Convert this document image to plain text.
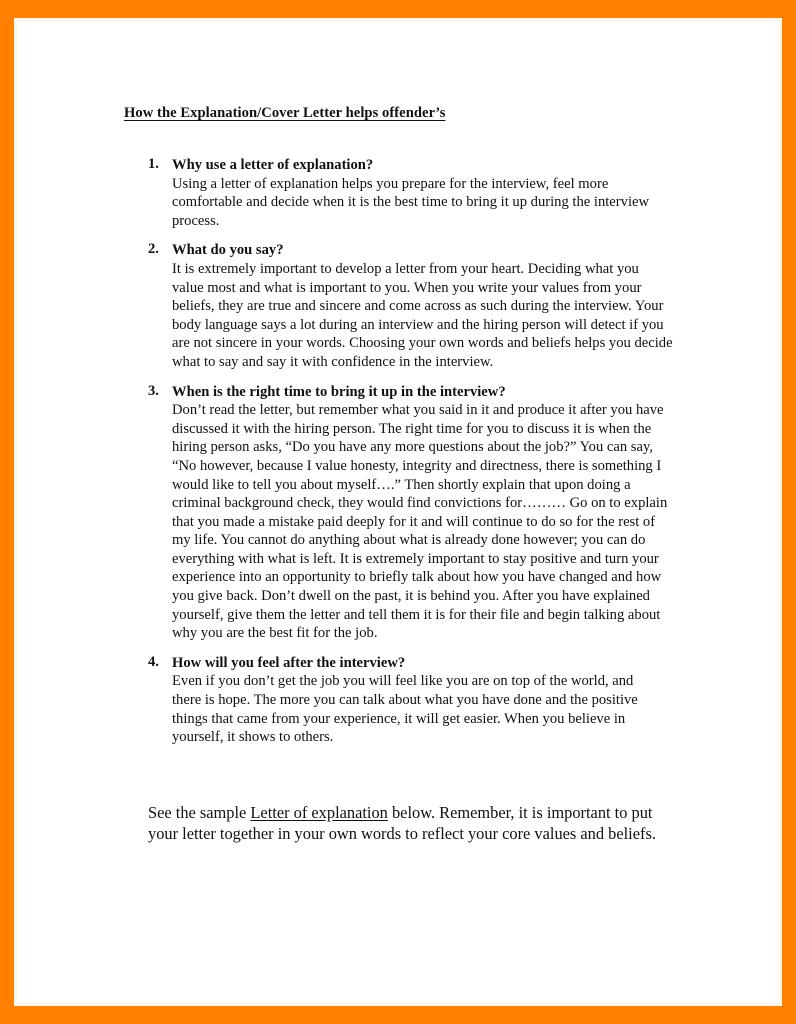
How the Explanation/Cover Letter helps offender’s
1. Why use a letter of explanation?
Using a letter of explanation helps you prepare for the interview, feel more comfortable and decide when it is the best time to bring it up during the interview process.
2. What do you say?
It is extremely important to develop a letter from your heart. Deciding what you value most and what is important to you. When you write your values from your beliefs, they are true and sincere and come across as such during the interview. Your body language says a lot during an interview and the hiring person will detect if you are not sincere in your words. Choosing your own words and beliefs helps you decide what to say and say it with confidence in the interview.
3. When is the right time to bring it up in the interview?
Don’t read the letter, but remember what you said in it and produce it after you have discussed it with the hiring person. The right time for you to discuss it is when the hiring person asks, “Do you have any more questions about the job?” You can say, “No however, because I value honesty, integrity and directness, there is something I would like to tell you about myself….” Then shortly explain that upon doing a criminal background check, they would find convictions for……… Go on to explain that you made a mistake paid deeply for it and will continue to do so for the rest of my life. You cannot do anything about what is already done however; you can do everything with what is left. It is extremely important to stay positive and turn your experience into an opportunity to briefly talk about how you have changed and how you give back. Don’t dwell on the past, it is behind you. After you have explained yourself, give them the letter and tell them it is for their file and begin talking about why you are the best fit for the job.
4. How will you feel after the interview?
Even if you don’t get the job you will feel like you are on top of the world, and there is hope. The more you can talk about what you have done and the positive things that came from your experience, it will get easier. When you believe in yourself, it shows to others.

See the sample Letter of explanation below. Remember, it is important to put your letter together in your own words to reflect your core values and beliefs.
